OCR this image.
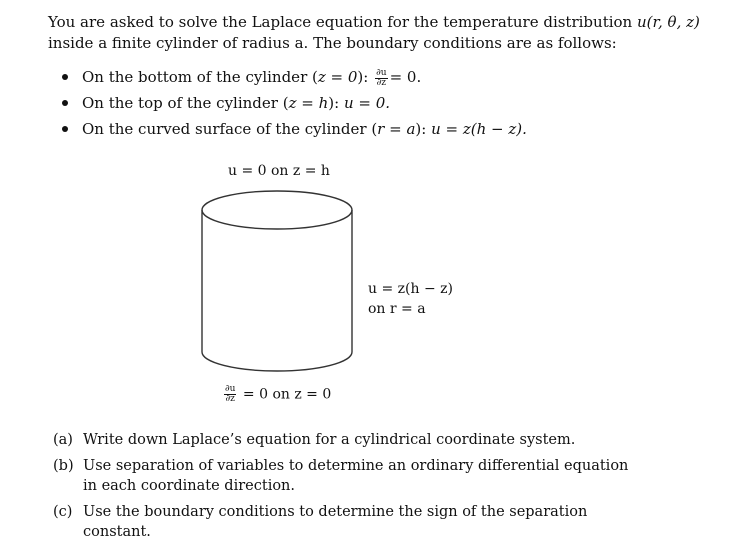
You are asked to solve the Laplace equation for the temperature distribution u(r, θ, z)
inside a finite cylinder of radius a. The boundary conditions are as follows:
On the bottom of the cylinder (z = 0): $\frac{\partial u}{\partial z} = 0$.
On the top of the cylinder (z = h): u = 0.
On the curved surface of the cylinder (r = a): u = z(h − z).
u = 0 on z = h
u = z(h − z)
on r = a
$\frac{\partial u}{\partial z} = 0$ on z = 0
(a) Write down Laplace’s equation for a cylindrical coordinate system.
(b) Use separation of variables to determine an ordinary differential equation in each coordinate direction.
(c) Use the boundary conditions to determine the sign of the separation constant.
